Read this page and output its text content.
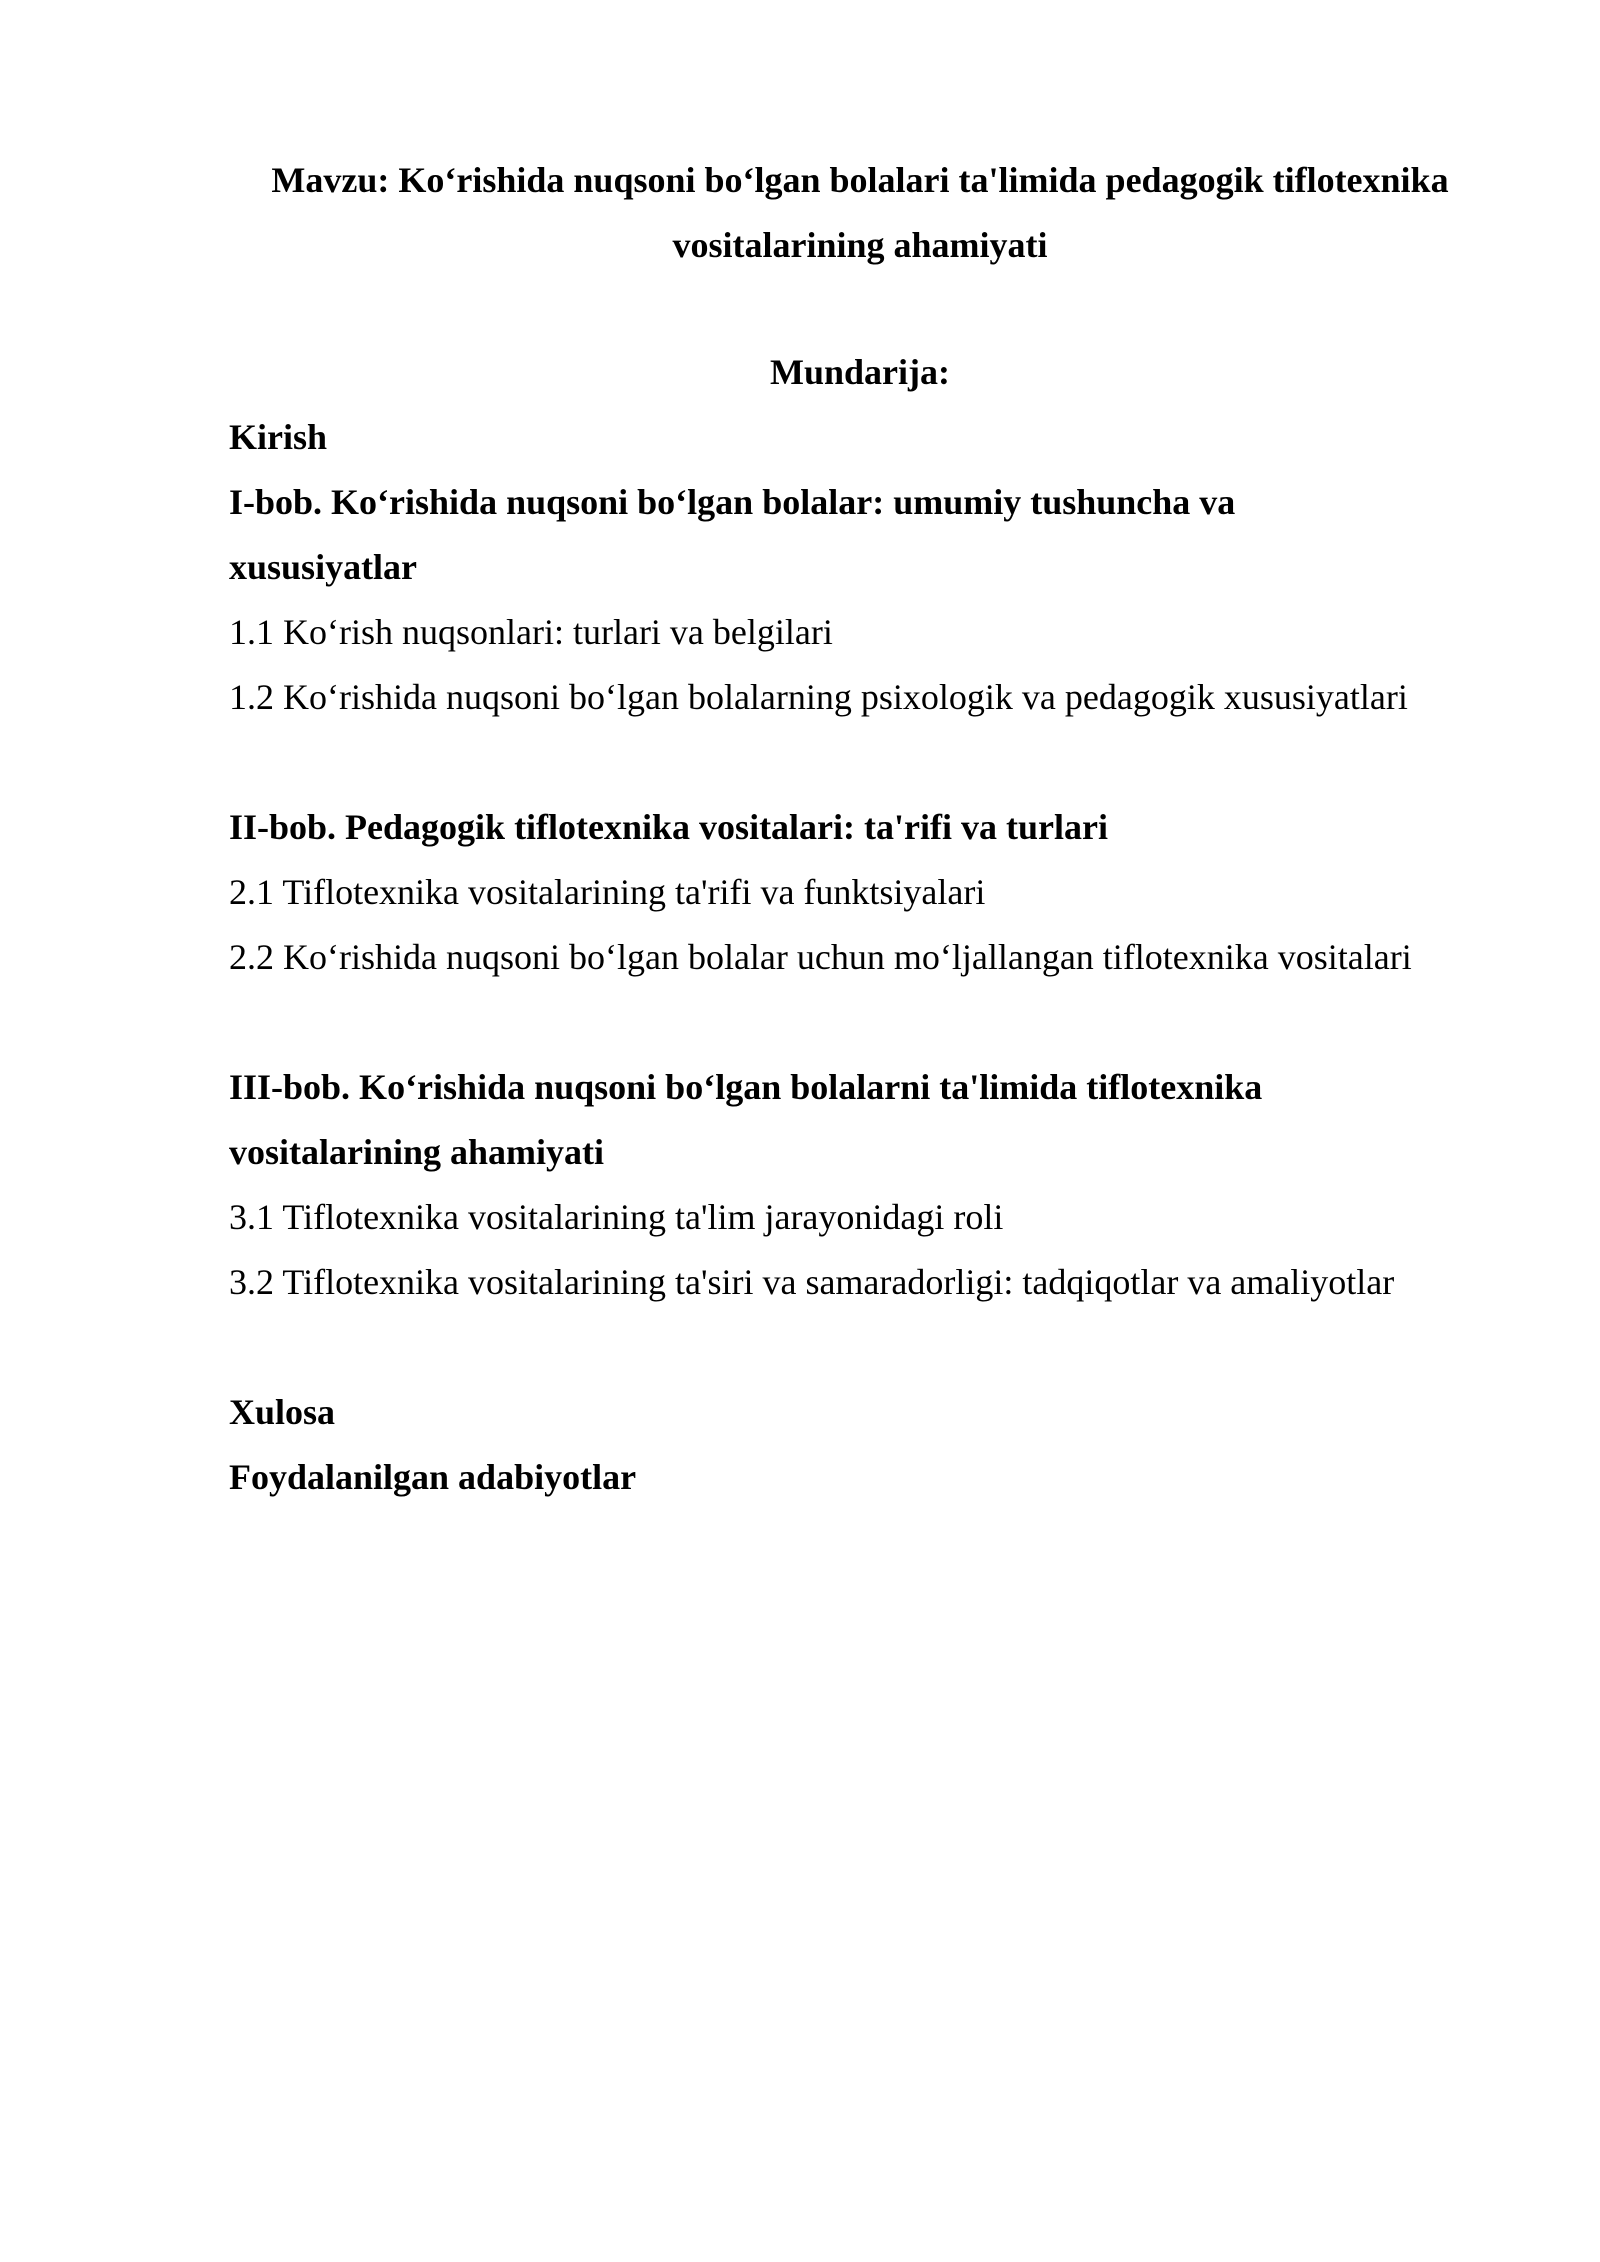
Mavzu: Ko‘rishida nuqsoni bo‘lgan bolalari ta'limida pedagogik tiflotexnika vositalarining ahamiyati
Mundarija:
Kirish
I-bob. Ko‘rishida nuqsoni bo‘lgan bolalar: umumiy tushuncha va xususiyatlar
1.1 Ko‘rish nuqsonlari: turlari va belgilari
1.2 Ko‘rishida nuqsoni bo‘lgan bolalarning psixologik va pedagogik xususiyatlari
II-bob. Pedagogik tiflotexnika vositalari: ta'rifi va turlari
2.1 Tiflotexnika vositalarining ta'rifi va funktsiyalari
2.2 Ko‘rishida nuqsoni bo‘lgan bolalar uchun mo‘ljallangan tiflotexnika vositalari
III-bob. Ko‘rishida nuqsoni bo‘lgan bolalarni ta'limida tiflotexnika vositalarining ahamiyati
3.1 Tiflotexnika vositalarining ta'lim jarayonidagi roli
3.2 Tiflotexnika vositalarining ta'siri va samaradorligi: tadqiqotlar va amaliyotlar
Xulosa
Foydalanilgan adabiyotlar
